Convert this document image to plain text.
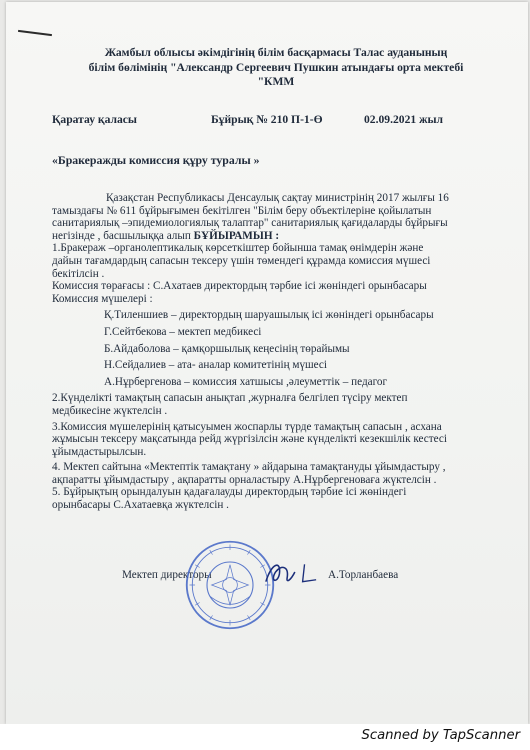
Жамбыл облысы әкімдігінің білім басқармасы Талас ауданының
білім бөлімінің "Александр Сергеевич Пушкин атындағы орта мектебі
"КММ
Қаратау қаласы	Бұйрық № 210 П-1-Ө	02.09.2021 жыл
«Бракеражды комиссия құру туралы »
Қазақстан Республикасы Денсаулық сақтау министрінің 2017 жылғы 16
тамыздағы № 611 бұйрығымен бекітілген "Білім беру объектілеріне қойылатын
санитариялық –эпидемиологиялық талаптар" санитариялық қағидаларды бұйрығы
негізінде , басшылыққа алып БҰЙЫРАМЫН :
1.Бракераж –органолептикалық көрсеткіштер бойынша тамақ өнімдерін және
дайын тағамдардың сапасын тексеру үшін төмендегі құрамда комиссия мүшесі
бекітілсін .
Комиссия төрағасы : С.Ахатаев директордың тәрбие ісі жөніндегі орынбасары
Комиссия мүшелері :
Қ.Тиленшиев – директордың шаруашылық ісі жөніндегі орынбасары
Г.Сейтбекова – мектеп медбикесі
Б.Айдаболова – қамқоршылық кеңесінің төрайымы
Н.Сейдалиев – ата- аналар комитетінің мүшесі
А.Нұрбергенова – комиссия хатшысы ,әлеуметтік – педагог
2.Күнделікті тамақтың сапасын анықтап ,журналға белгілеп түсіру мектеп
медбикесіне жүктелсін .
3.Комиссия мүшелерінің қатысуымен жоспарлы түрде тамақтың сапасын , асхана
жұмысын тексеру мақсатында рейд жүргізілсін және күнделікті кезекшілік кестесі
ұйымдастырылсын.
4. Мектеп сайтына «Мектептік тамақтану » айдарына тамақтануды ұйымдастыру ,
ақпаратты ұйымдастыру , ақпаратты орналастыру А.Нұрбергеноваға жүктелсін .
5. Бұйрықтың орындалуын қадағалауды директордың тәрбие ісі жөніндегі
орынбасары С.Ахатаевқа жүктелсін .
Мектеп директоры	А.Торланбаева
Scanned by TapScanner
